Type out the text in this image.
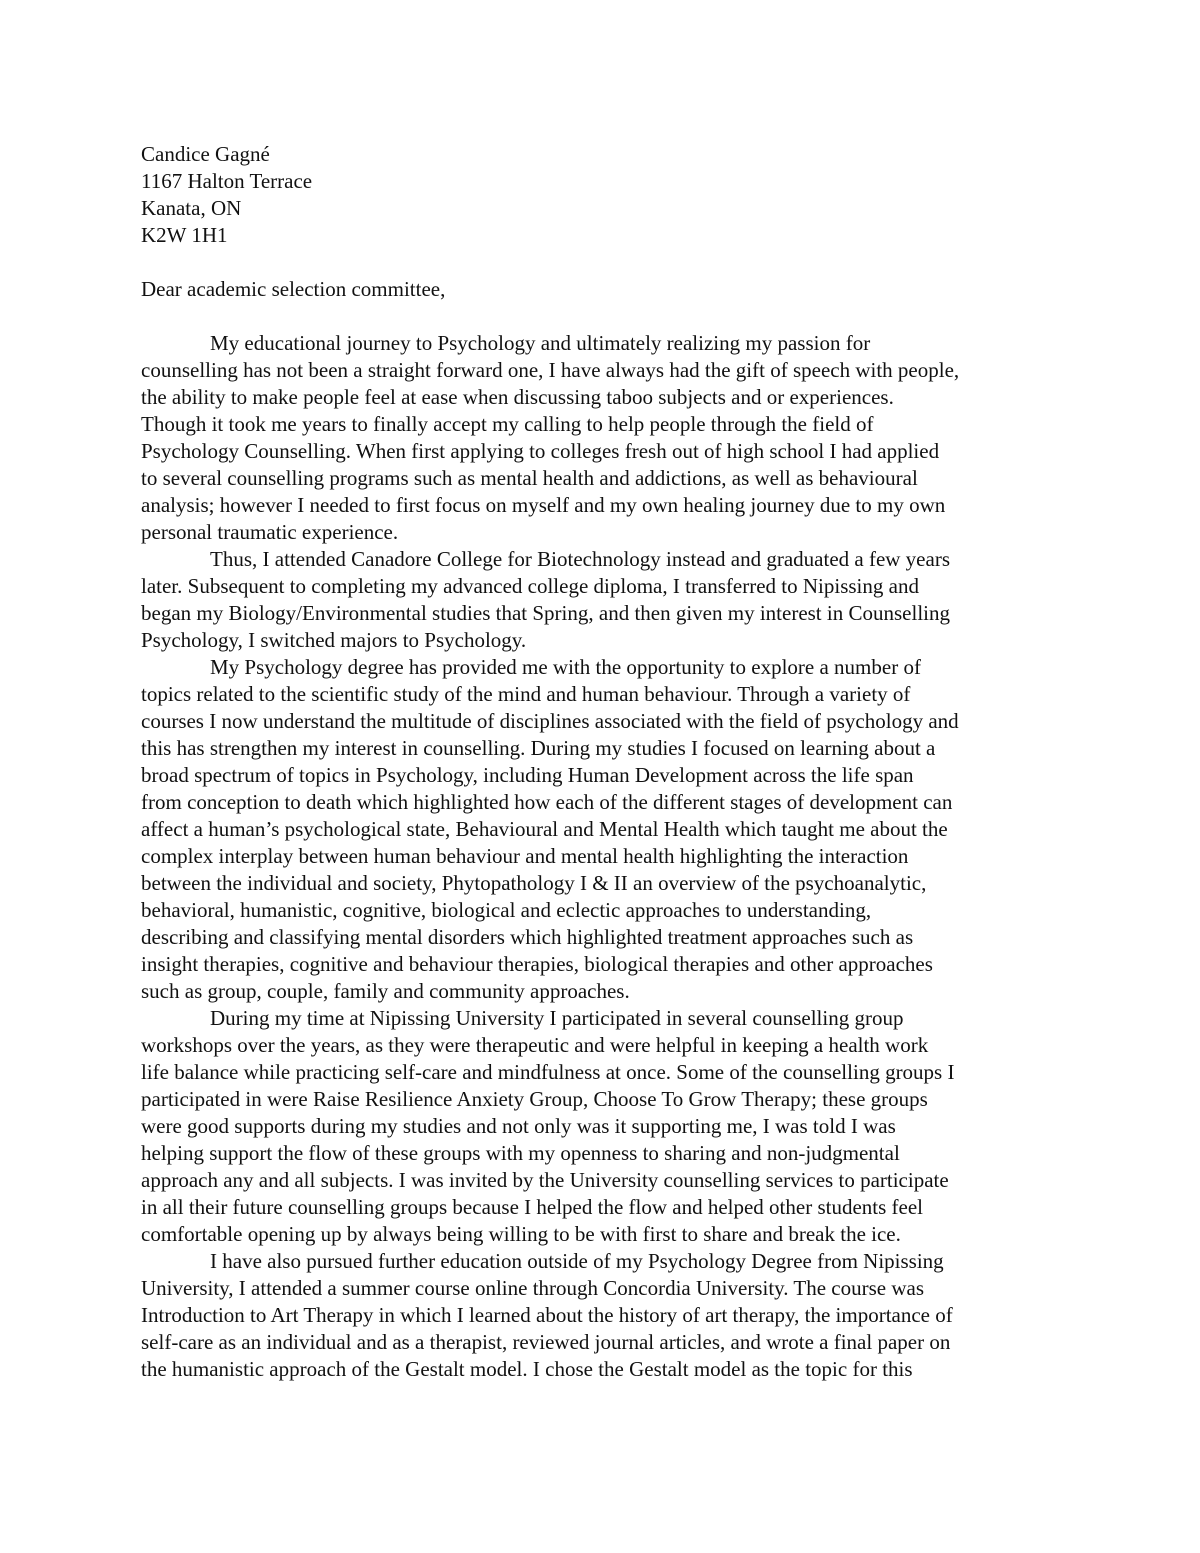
Candice Gagné
1167 Halton Terrace
Kanata, ON
K2W 1H1
Dear academic selection committee,
My educational journey to Psychology and ultimately realizing my passion for
counselling has not been a straight forward one, I have always had the gift of speech with people,
the ability to make people feel at ease when discussing taboo subjects and or experiences.
Though it took me years to finally accept my calling to help people through the field of
Psychology Counselling. When first applying to colleges fresh out of high school I had applied
to several counselling programs such as mental health and addictions, as well as behavioural
analysis; however I needed to first focus on myself and my own healing journey due to my own
personal traumatic experience.
Thus, I attended Canadore College for Biotechnology instead and graduated a few years
later. Subsequent to completing my advanced college diploma, I transferred to Nipissing and
began my Biology/Environmental studies that Spring, and then given my interest in Counselling
Psychology, I switched majors to Psychology.
My Psychology degree has provided me with the opportunity to explore a number of
topics related to the scientific study of the mind and human behaviour. Through a variety of
courses I now understand the multitude of disciplines associated with the field of psychology and
this has strengthen my interest in counselling. During my studies I focused on learning about a
broad spectrum of topics in Psychology, including Human Development across the life span
from conception to death which highlighted how each of the different stages of development can
affect a human’s psychological state, Behavioural and Mental Health which taught me about the
complex interplay between human behaviour and mental health highlighting the interaction
between the individual and society, Phytopathology I & II an overview of the psychoanalytic,
behavioral, humanistic, cognitive, biological and eclectic approaches to understanding,
describing and classifying mental disorders which highlighted treatment approaches such as
insight therapies, cognitive and behaviour therapies, biological therapies and other approaches
such as group, couple, family and community approaches.
During my time at Nipissing University I participated in several counselling group
workshops over the years, as they were therapeutic and were helpful in keeping a health work
life balance while practicing self-care and mindfulness at once. Some of the counselling groups I
participated in were Raise Resilience Anxiety Group, Choose To Grow Therapy; these groups
were good supports during my studies and not only was it supporting me, I was told I was
helping support the flow of these groups with my openness to sharing and non-judgmental
approach any and all subjects. I was invited by the University counselling services to participate
in all their future counselling groups because I helped the flow and helped other students feel
comfortable opening up by always being willing to be with first to share and break the ice.
I have also pursued further education outside of my Psychology Degree from Nipissing
University, I attended a summer course online through Concordia University. The course was
Introduction to Art Therapy in which I learned about the history of art therapy, the importance of
self-care as an individual and as a therapist, reviewed journal articles, and wrote a final paper on
the humanistic approach of the Gestalt model. I chose the Gestalt model as the topic for this
